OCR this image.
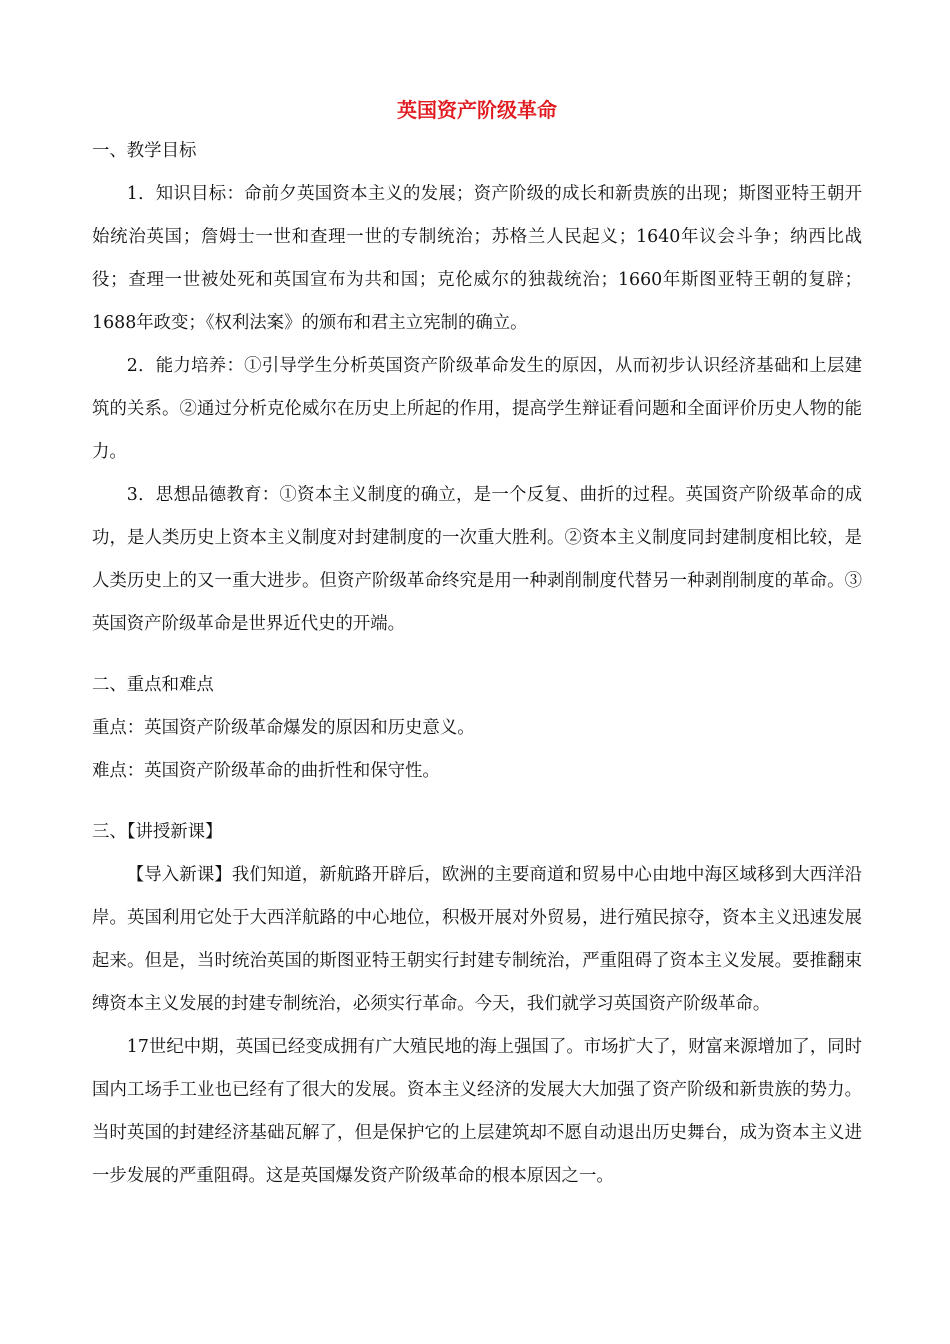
英国资产阶级革命
一、教学目标

1．知识目标：命前夕英国资本主义的发展；资产阶级的成长和新贵族的出现；斯图亚特王朝开始统治英国；詹姆士一世和查理一世的专制统治；苏格兰人民起义；1640年议会斗争；纳西比战役；查理一世被处死和英国宣布为共和国；克伦威尔的独裁统治；1660年斯图亚特王朝的复辟；1688年政变；《权利法案》的颁布和君主立宪制的确立。

2．能力培养：①引导学生分析英国资产阶级革命发生的原因，从而初步认识经济基础和上层建筑的关系。②通过分析克伦威尔在历史上所起的作用，提高学生辩证看问题和全面评价历史人物的能力。

3．思想品德教育：①资本主义制度的确立，是一个反复、曲折的过程。英国资产阶级革命的成功，是人类历史上资本主义制度对封建制度的一次重大胜利。②资本主义制度同封建制度相比较，是人类历史上的又一重大进步。但资产阶级革命终究是用一种剥削制度代替另一种剥削制度的革命。③英国资产阶级革命是世界近代史的开端。

二、重点和难点

重点：英国资产阶级革命爆发的原因和历史意义。

难点：英国资产阶级革命的曲折性和保守性。

三、【讲授新课】

【导入新课】我们知道，新航路开辟后，欧洲的主要商道和贸易中心由地中海区域移到大西洋沿岸。英国利用它处于大西洋航路的中心地位，积极开展对外贸易，进行殖民掠夺，资本主义迅速发展起来。但是，当时统治英国的斯图亚特王朝实行封建专制统治，严重阻碍了资本主义发展。要推翻束缚资本主义发展的封建专制统治，必须实行革命。今天，我们就学习英国资产阶级革命。

17世纪中期，英国已经变成拥有广大殖民地的海上强国了。市场扩大了，财富来源增加了，同时国内工场手工业也已经有了很大的发展。资本主义经济的发展大大加强了资产阶级和新贵族的势力。当时英国的封建经济基础瓦解了，但是保护它的上层建筑却不愿自动退出历史舞台，成为资本主义进一步发展的严重阻碍。这是英国爆发资产阶级革命的根本原因之一。
